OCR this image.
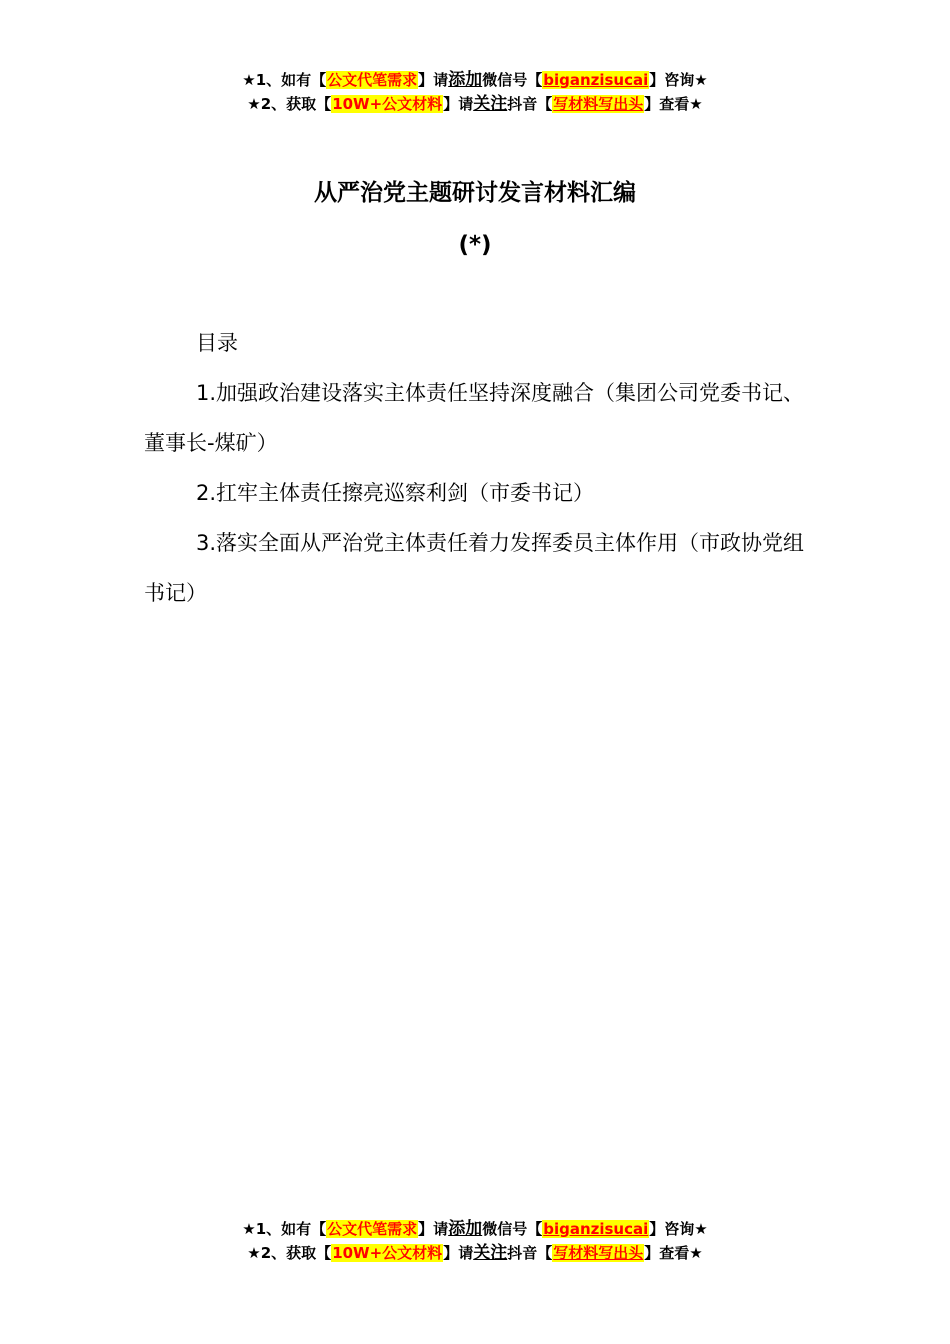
★1、如有【公文代笔需求】请添加微信号【biganzisucai】咨询★
★2、获取【10W+公文材料】请关注抖音【写材料写出头】查看★
从严治党主题研讨发言材料汇编
(*)

目录

1.加强政治建设落实主体责任坚持深度融合（集团公司党委书记、董事长-煤矿）

2.扛牢主体责任擦亮巡察利剑（市委书记）

3.落实全面从严治党主体责任着力发挥委员主体作用（市政协党组书记）

★1、如有【公文代笔需求】请添加微信号【biganzisucai】咨询★
★2、获取【10W+公文材料】请关注抖音【写材料写出头】查看★
